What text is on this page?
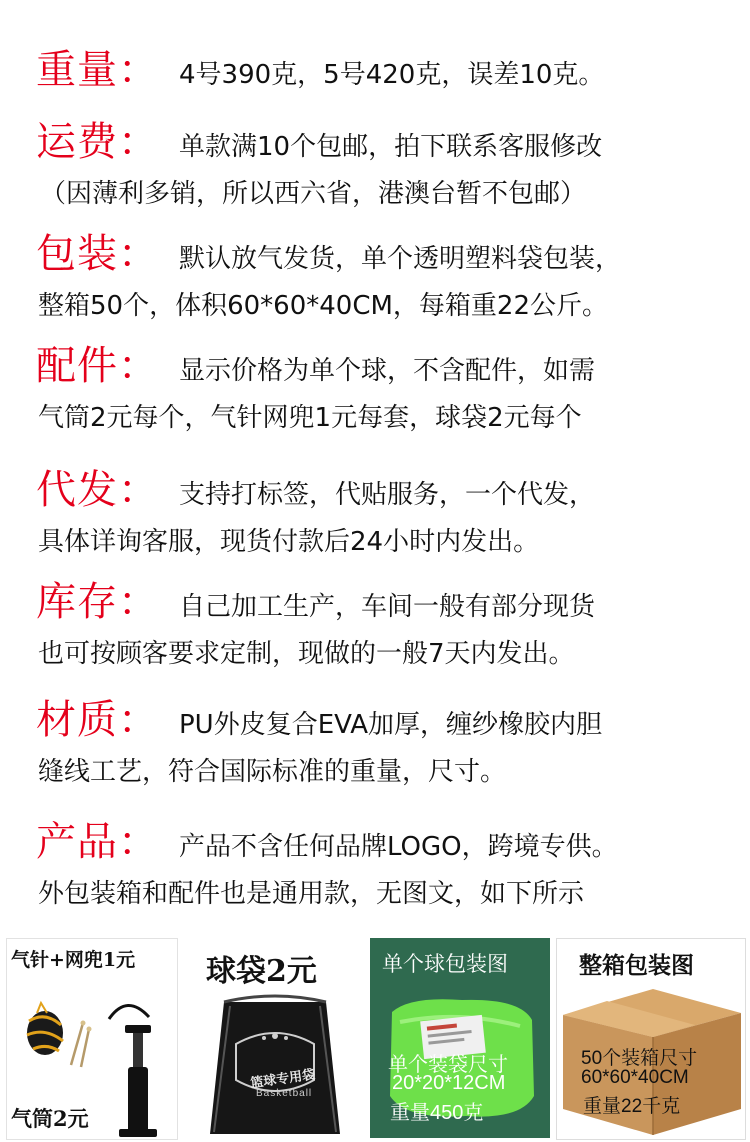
重量： 4号390克，5号420克，误差10克。
运费： 单款满10个包邮，拍下联系客服修改
（因薄利多销，所以西六省，港澳台暂不包邮）
包装： 默认放气发货，单个透明塑料袋包装，
整箱50个，体积60*60*40CM，每箱重22公斤。
配件： 显示价格为单个球，不含配件，如需
气筒2元每个，气针网兜1元每套，球袋2元每个
代发： 支持打标签，代贴服务，一个代发，
具体详询客服，现货付款后24小时内发出。
库存： 自己加工生产，车间一般有部分现货
也可按顾客要求定制，现做的一般7天内发出。
材质： PU外皮复合EVA加厚，缠纱橡胶内胆
缝线工艺，符合国际标准的重量，尺寸。
产品： 产品不含任何品牌LOGO，跨境专供。
外包装箱和配件也是通用款，无图文，如下所示
气针+网兜1元
气筒2元
球袋2元
篮球专用袋
Basketball
单个球包装图
单个装袋尺寸
20*20*12CM
重量450克
整箱包装图
50个装箱尺寸
60*60*40CM
重量22千克
